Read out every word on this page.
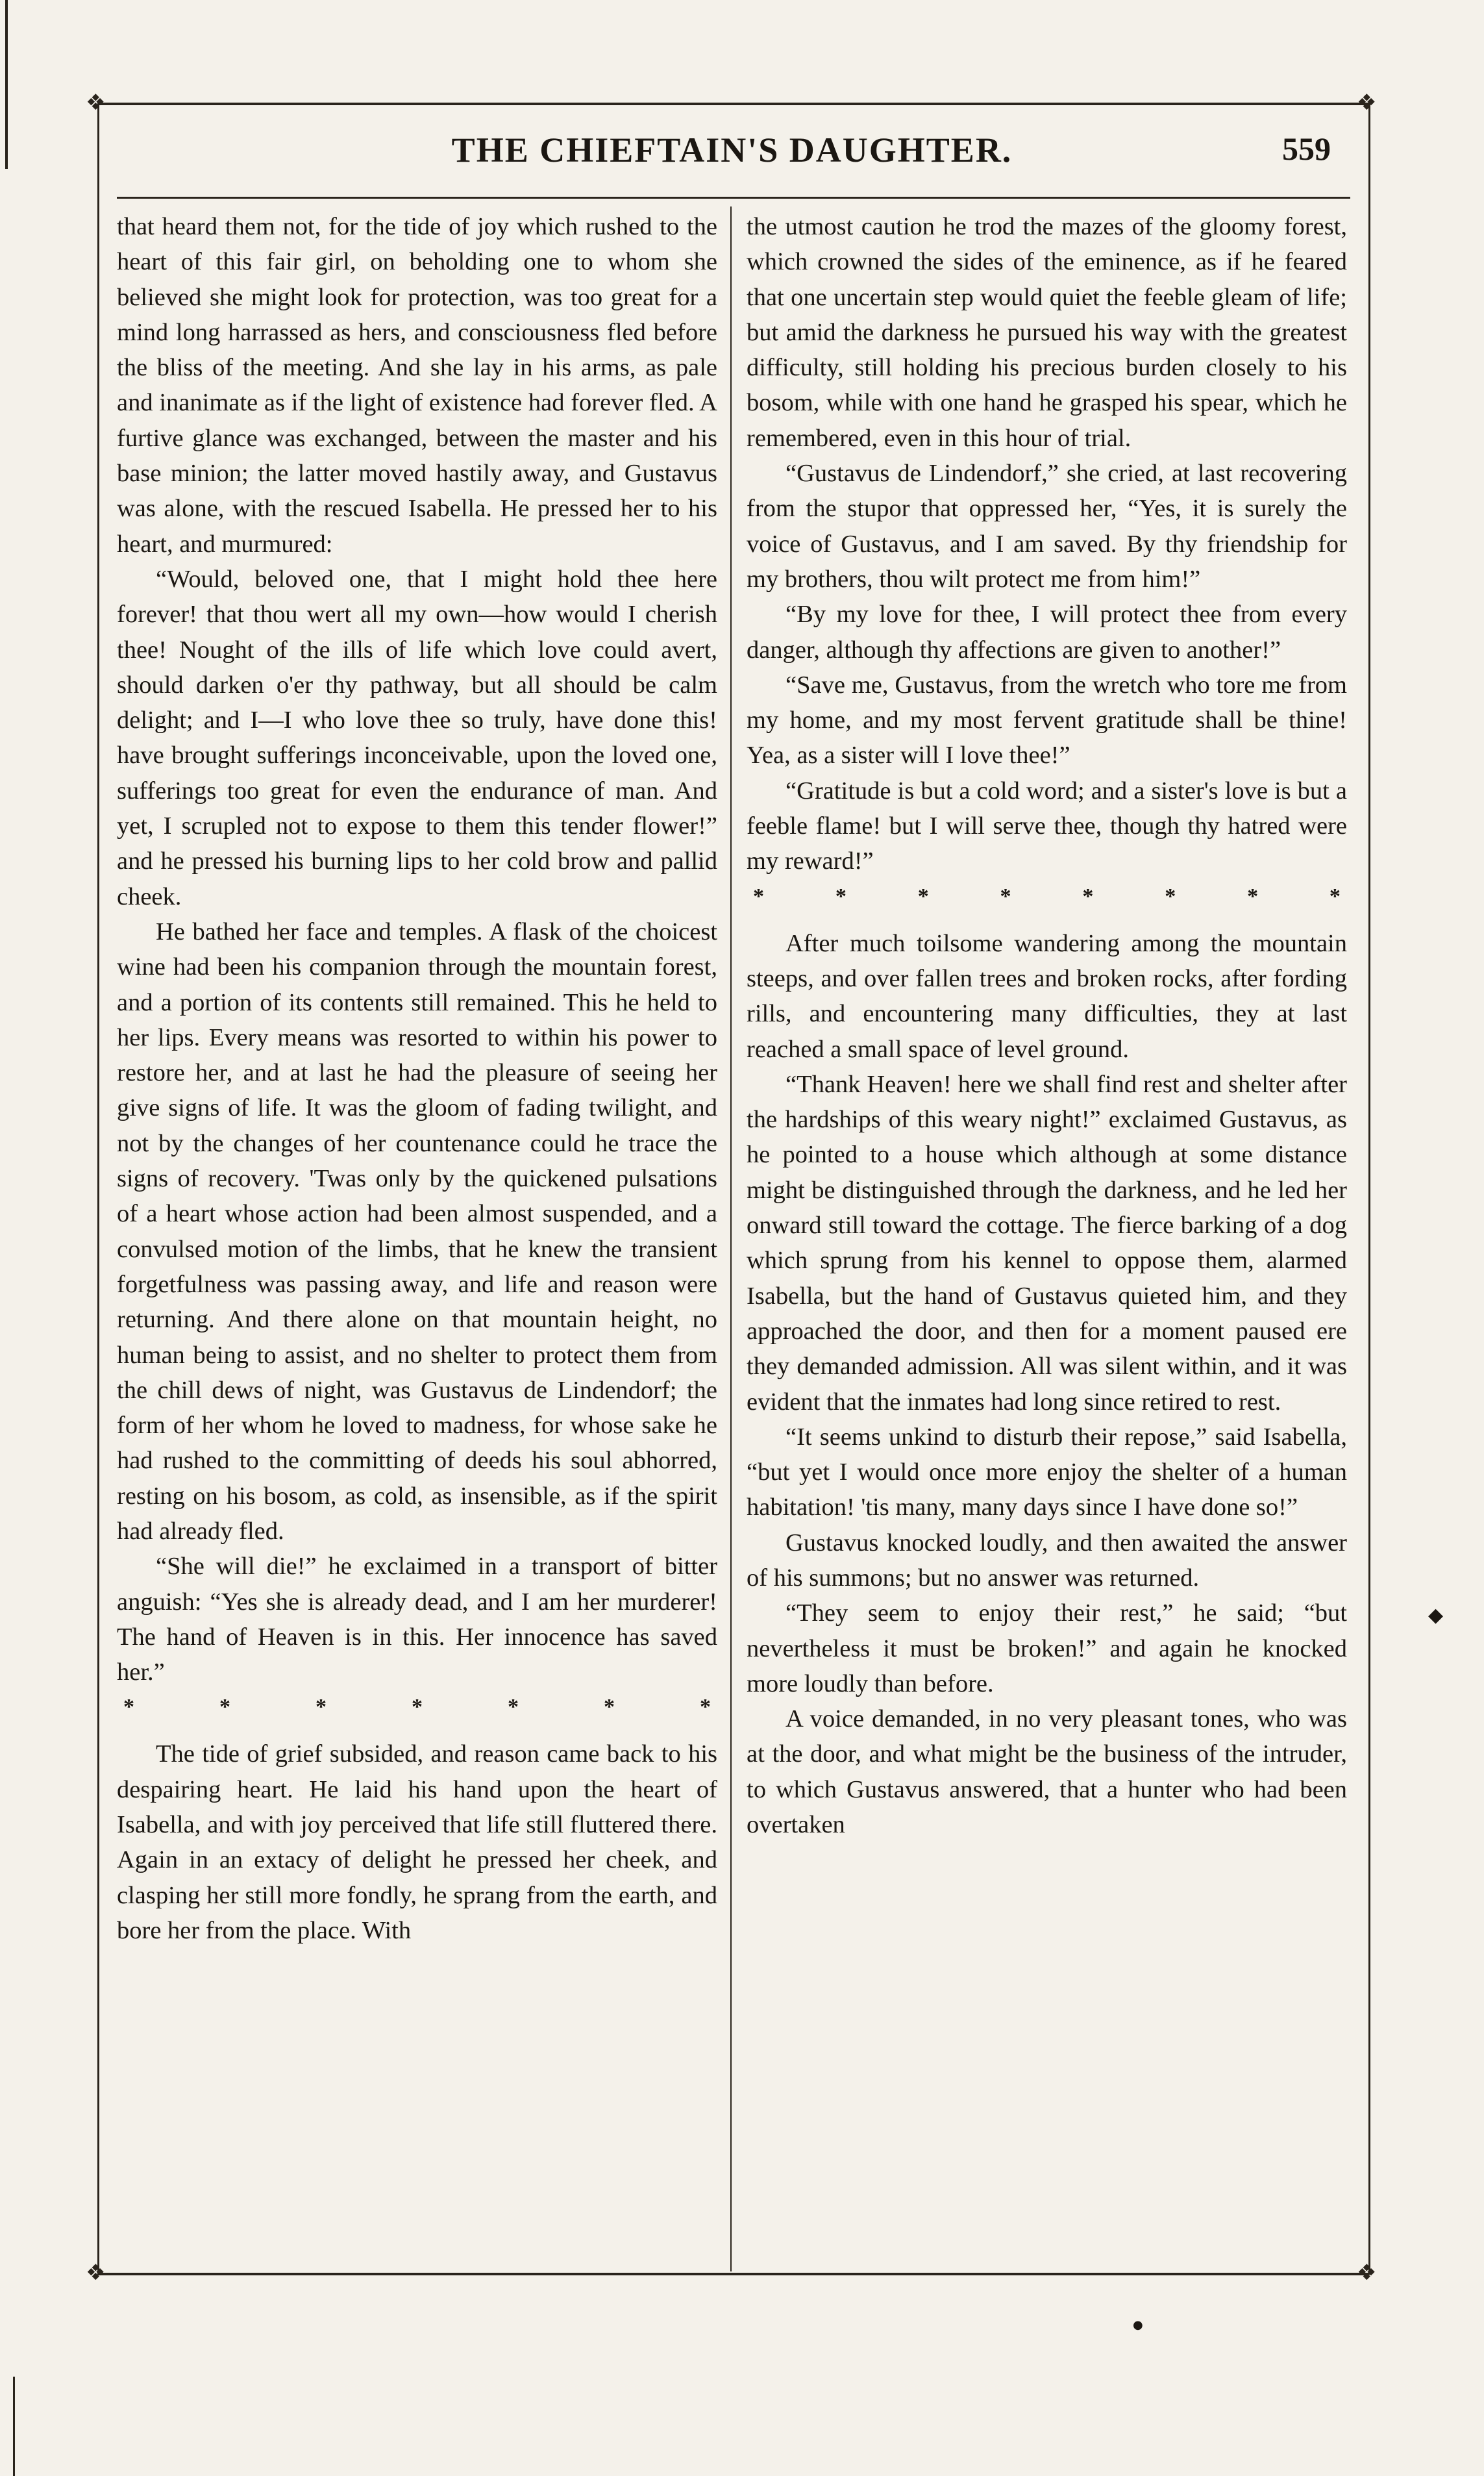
❖	❖
❖	❖
THE CHIEFTAIN'S DAUGHTER.	559

that heard them not, for the tide of joy which rushed to the heart of this fair girl, on beholding one to whom she believed she might look for protection, was too great for a mind long harrassed as hers, and consciousness fled before the bliss of the meeting. And she lay in his arms, as pale and inanimate as if the light of existence had forever fled. A furtive glance was exchanged, between the master and his base minion; the latter moved hastily away, and Gustavus was alone, with the rescued Isabella. He pressed her to his heart, and murmured:

“Would, beloved one, that I might hold thee here forever! that thou wert all my own—how would I cherish thee! Nought of the ills of life which love could avert, should darken o'er thy pathway, but all should be calm delight; and I—I who love thee so truly, have done this! have brought sufferings inconceivable, upon the loved one, sufferings too great for even the endurance of man. And yet, I scrupled not to expose to them this tender flower!” and he pressed his burning lips to her cold brow and pallid cheek.

He bathed her face and temples. A flask of the choicest wine had been his companion through the mountain forest, and a portion of its contents still remained. This he held to her lips. Every means was resorted to within his power to restore her, and at last he had the pleasure of seeing her give signs of life. It was the gloom of fading twilight, and not by the changes of her countenance could he trace the signs of recovery. 'Twas only by the quickened pulsations of a heart whose action had been almost suspended, and a convulsed motion of the limbs, that he knew the transient forgetfulness was passing away, and life and reason were returning. And there alone on that mountain height, no human being to assist, and no shelter to protect them from the chill dews of night, was Gustavus de Lindendorf; the form of her whom he loved to madness, for whose sake he had rushed to the committing of deeds his soul abhorred, resting on his bosom, as cold, as insensible, as if the spirit had already fled.

“She will die!” he exclaimed in a transport of bitter anguish: “Yes she is already dead, and I am her murderer! The hand of Heaven is in this. Her innocence has saved her.”

*	*	*	*	*	*	*

The tide of grief subsided, and reason came back to his despairing heart. He laid his hand upon the heart of Isabella, and with joy perceived that life still fluttered there. Again in an extacy of delight he pressed her cheek, and clasping her still more fondly, he sprang from the earth, and bore her from the place. With

the utmost caution he trod the mazes of the gloomy forest, which crowned the sides of the eminence, as if he feared that one uncertain step would quiet the feeble gleam of life; but amid the darkness he pursued his way with the greatest difficulty, still holding his precious burden closely to his bosom, while with one hand he grasped his spear, which he remembered, even in this hour of trial.

“Gustavus de Lindendorf,” she cried, at last recovering from the stupor that oppressed her, “Yes, it is surely the voice of Gustavus, and I am saved. By thy friendship for my brothers, thou wilt protect me from him!”

“By my love for thee, I will protect thee from every danger, although thy affections are given to another!”

“Save me, Gustavus, from the wretch who tore me from my home, and my most fervent gratitude shall be thine! Yea, as a sister will I love thee!”

“Gratitude is but a cold word; and a sister's love is but a feeble flame! but I will serve thee, though thy hatred were my reward!”

*	*	*	*	*	*	*	*

After much toilsome wandering among the mountain steeps, and over fallen trees and broken rocks, after fording rills, and encountering many difficulties, they at last reached a small space of level ground.

“Thank Heaven! here we shall find rest and shelter after the hardships of this weary night!” exclaimed Gustavus, as he pointed to a house which although at some distance might be distinguished through the darkness, and he led her onward still toward the cottage. The fierce barking of a dog which sprung from his kennel to oppose them, alarmed Isabella, but the hand of Gustavus quieted him, and they approached the door, and then for a moment paused ere they demanded admission. All was silent within, and it was evident that the inmates had long since retired to rest.

“It seems unkind to disturb their repose,” said Isabella, “but yet I would once more enjoy the shelter of a human habitation! 'tis many, many days since I have done so!”

Gustavus knocked loudly, and then awaited the answer of his summons; but no answer was returned.

“They seem to enjoy their rest,” he said; “but nevertheless it must be broken!” and again he knocked more loudly than before.

A voice demanded, in no very pleasant tones, who was at the door, and what might be the business of the intruder, to which Gustavus answered, that a hunter who had been overtaken

◆
●
